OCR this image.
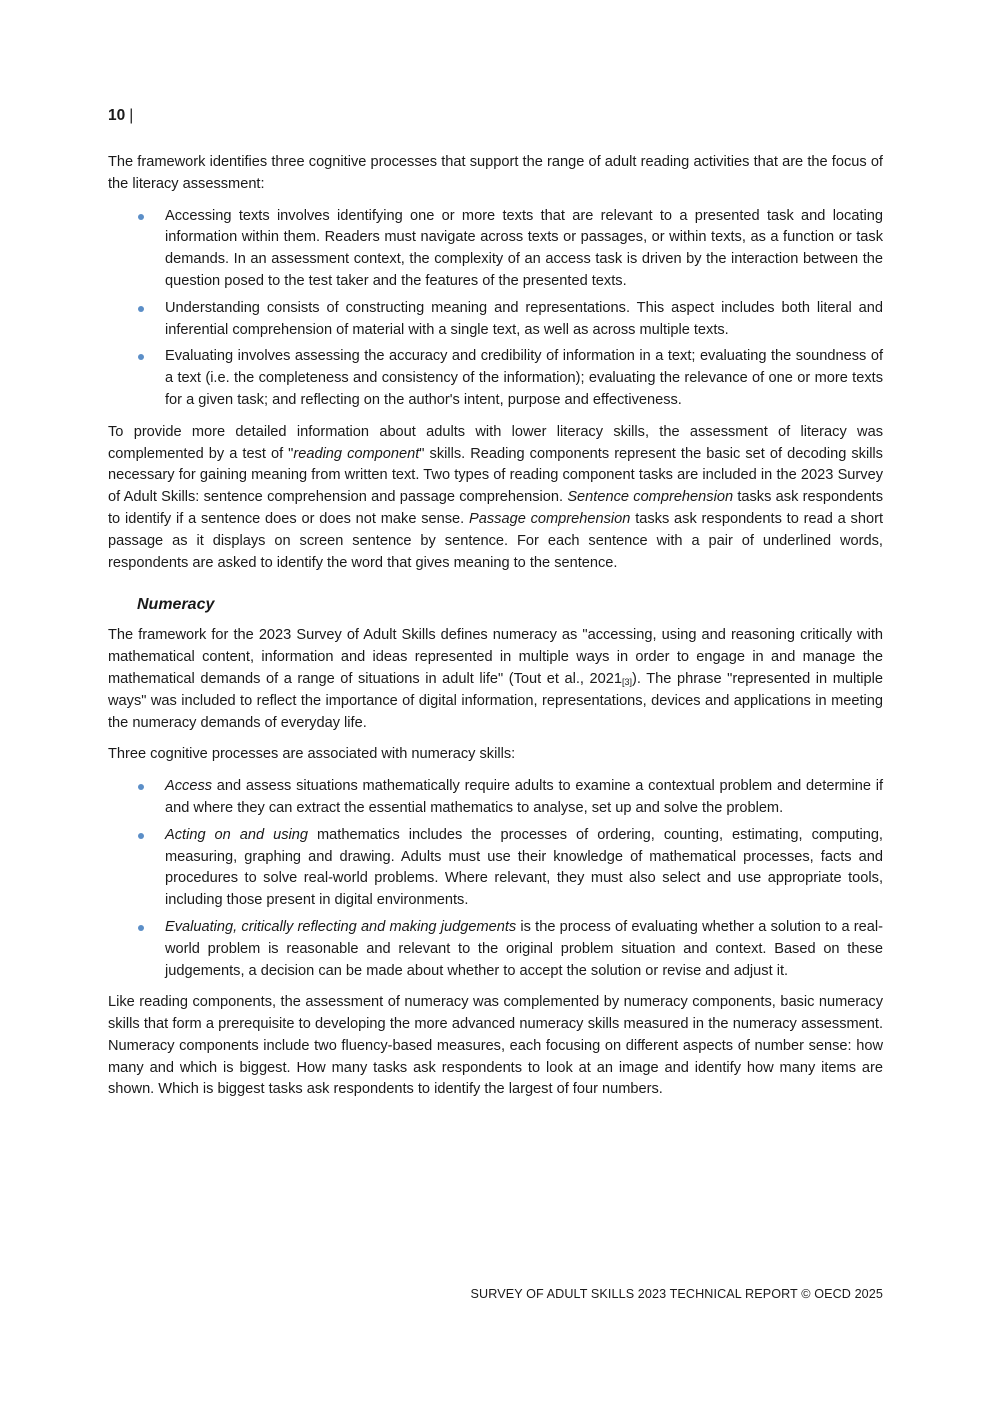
10 |

The framework identifies three cognitive processes that support the range of adult reading activities that are the focus of the literacy assessment:

Accessing texts involves identifying one or more texts that are relevant to a presented task and locating information within them. Readers must navigate across texts or passages, or within texts, as a function or task demands. In an assessment context, the complexity of an access task is driven by the interaction between the question posed to the test taker and the features of the presented texts.
Understanding consists of constructing meaning and representations. This aspect includes both literal and inferential comprehension of material with a single text, as well as across multiple texts.
Evaluating involves assessing the accuracy and credibility of information in a text; evaluating the soundness of a text (i.e. the completeness and consistency of the information); evaluating the relevance of one or more texts for a given task; and reflecting on the author's intent, purpose and effectiveness.

To provide more detailed information about adults with lower literacy skills, the assessment of literacy was complemented by a test of "reading component" skills. Reading components represent the basic set of decoding skills necessary for gaining meaning from written text. Two types of reading component tasks are included in the 2023 Survey of Adult Skills: sentence comprehension and passage comprehension. Sentence comprehension tasks ask respondents to identify if a sentence does or does not make sense. Passage comprehension tasks ask respondents to read a short passage as it displays on screen sentence by sentence. For each sentence with a pair of underlined words, respondents are asked to identify the word that gives meaning to the sentence.

Numeracy

The framework for the 2023 Survey of Adult Skills defines numeracy as "accessing, using and reasoning critically with mathematical content, information and ideas represented in multiple ways in order to engage in and manage the mathematical demands of a range of situations in adult life" (Tout et al., $2021_{[3]}$). The phrase "represented in multiple ways" was included to reflect the importance of digital information, representations, devices and applications in meeting the numeracy demands of everyday life.

Three cognitive processes are associated with numeracy skills:

Access and assess situations mathematically require adults to examine a contextual problem and determine if and where they can extract the essential mathematics to analyse, set up and solve the problem.
Acting on and using mathematics includes the processes of ordering, counting, estimating, computing, measuring, graphing and drawing. Adults must use their knowledge of mathematical processes, facts and procedures to solve real-world problems. Where relevant, they must also select and use appropriate tools, including those present in digital environments.
Evaluating, critically reflecting and making judgements is the process of evaluating whether a solution to a real-world problem is reasonable and relevant to the original problem situation and context. Based on these judgements, a decision can be made about whether to accept the solution or revise and adjust it.

Like reading components, the assessment of numeracy was complemented by numeracy components, basic numeracy skills that form a prerequisite to developing the more advanced numeracy skills measured in the numeracy assessment. Numeracy components include two fluency-based measures, each focusing on different aspects of number sense: how many and which is biggest. How many tasks ask respondents to look at an image and identify how many items are shown. Which is biggest tasks ask respondents to identify the largest of four numbers.

SURVEY OF ADULT SKILLS 2023 TECHNICAL REPORT © OECD 2025
